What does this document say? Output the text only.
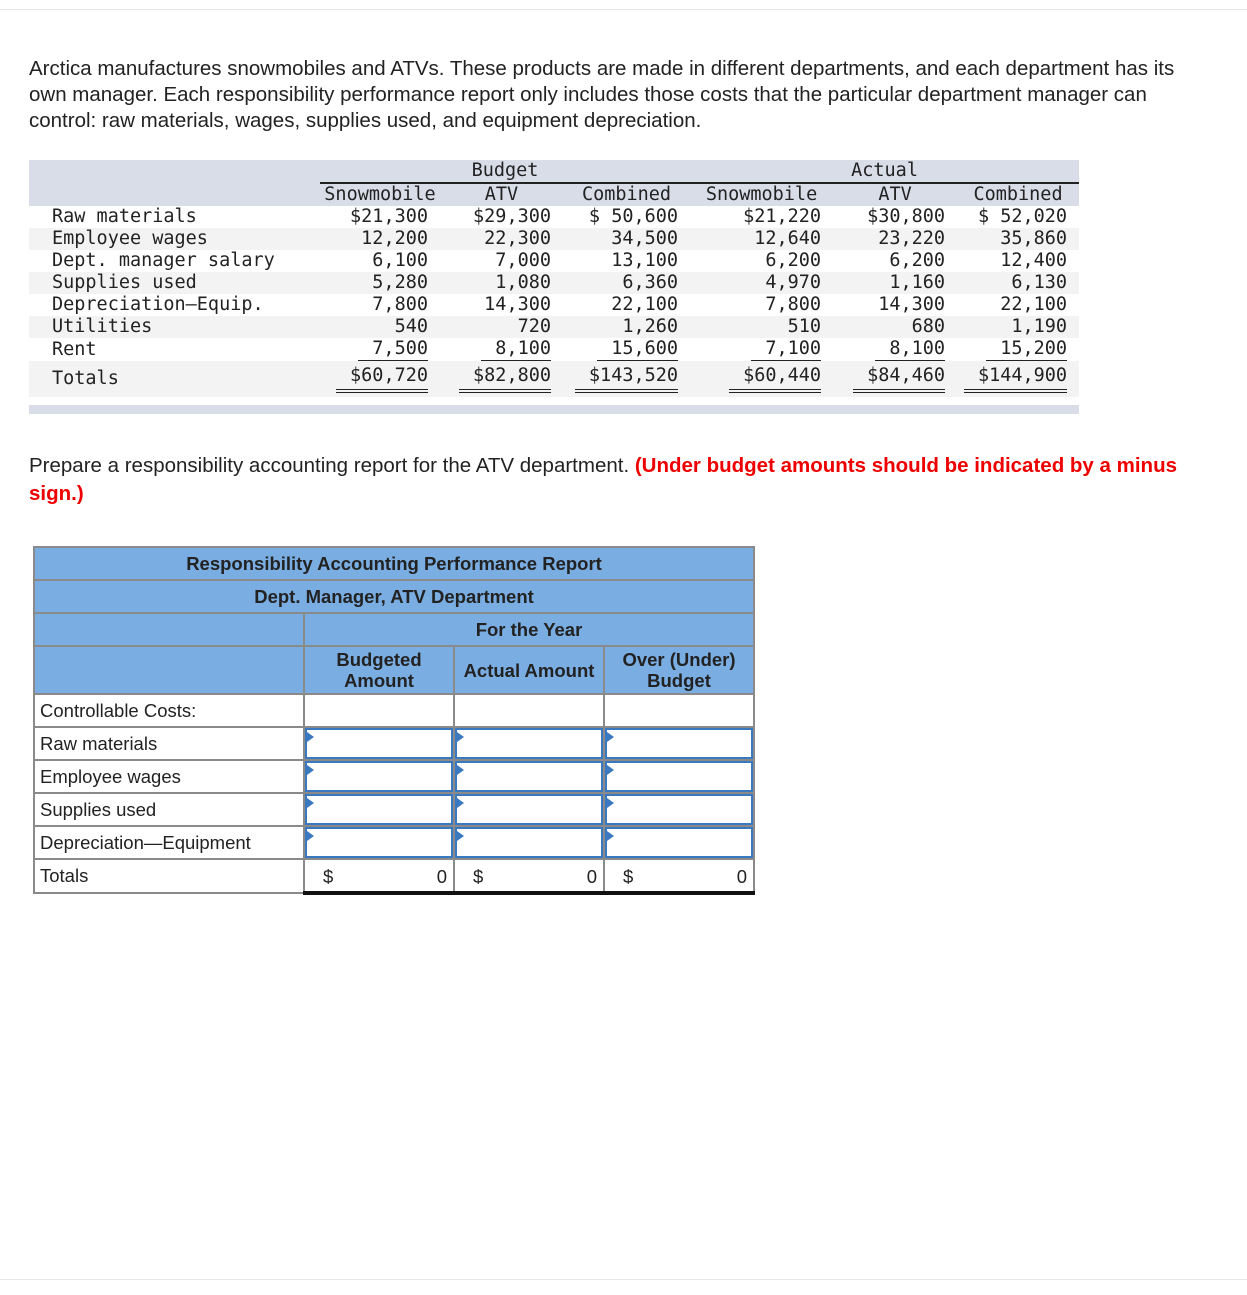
Arctica manufactures snowmobiles and ATVs. These products are made in different departments, and each department has its own manager. Each responsibility performance report only includes those costs that the particular department manager can control: raw materials, wages, supplies used, and equipment depreciation.

	Budget			Actual		
	Snowmobile	ATV	Combined	Snowmobile	ATV	Combined
Raw materials	$21,300	$29,300	$ 50,600	$21,220	$30,800	$ 52,020
Employee wages	12,200	22,300	34,500	12,640	23,220	35,860
Dept. manager salary	6,100	7,000	13,100	6,200	6,200	12,400
Supplies used	5,280	1,080	6,360	4,970	1,160	6,130
Depreciation—Equip.	7,800	14,300	22,100	7,800	14,300	22,100
Utilities	540	720	1,260	510	680	1,190
Rent	7,500	8,100	15,600	7,100	8,100	15,200
Totals	$60,720	$82,800	$143,520	$60,440	$84,460	$144,900

Prepare a responsibility accounting report for the ATV department. (Under budget amounts should be indicated by a minus sign.)

Responsibility Accounting Performance Report			
Dept. Manager, ATV Department			
	For the Year		
	Budgeted Amount	Actual Amount	Over (Under) Budget
Controllable Costs:			
Raw materials	

Employee wages	

Supplies used	

Depreciation—Equipment	

Totals	$ 0	$ 0	$ 0
